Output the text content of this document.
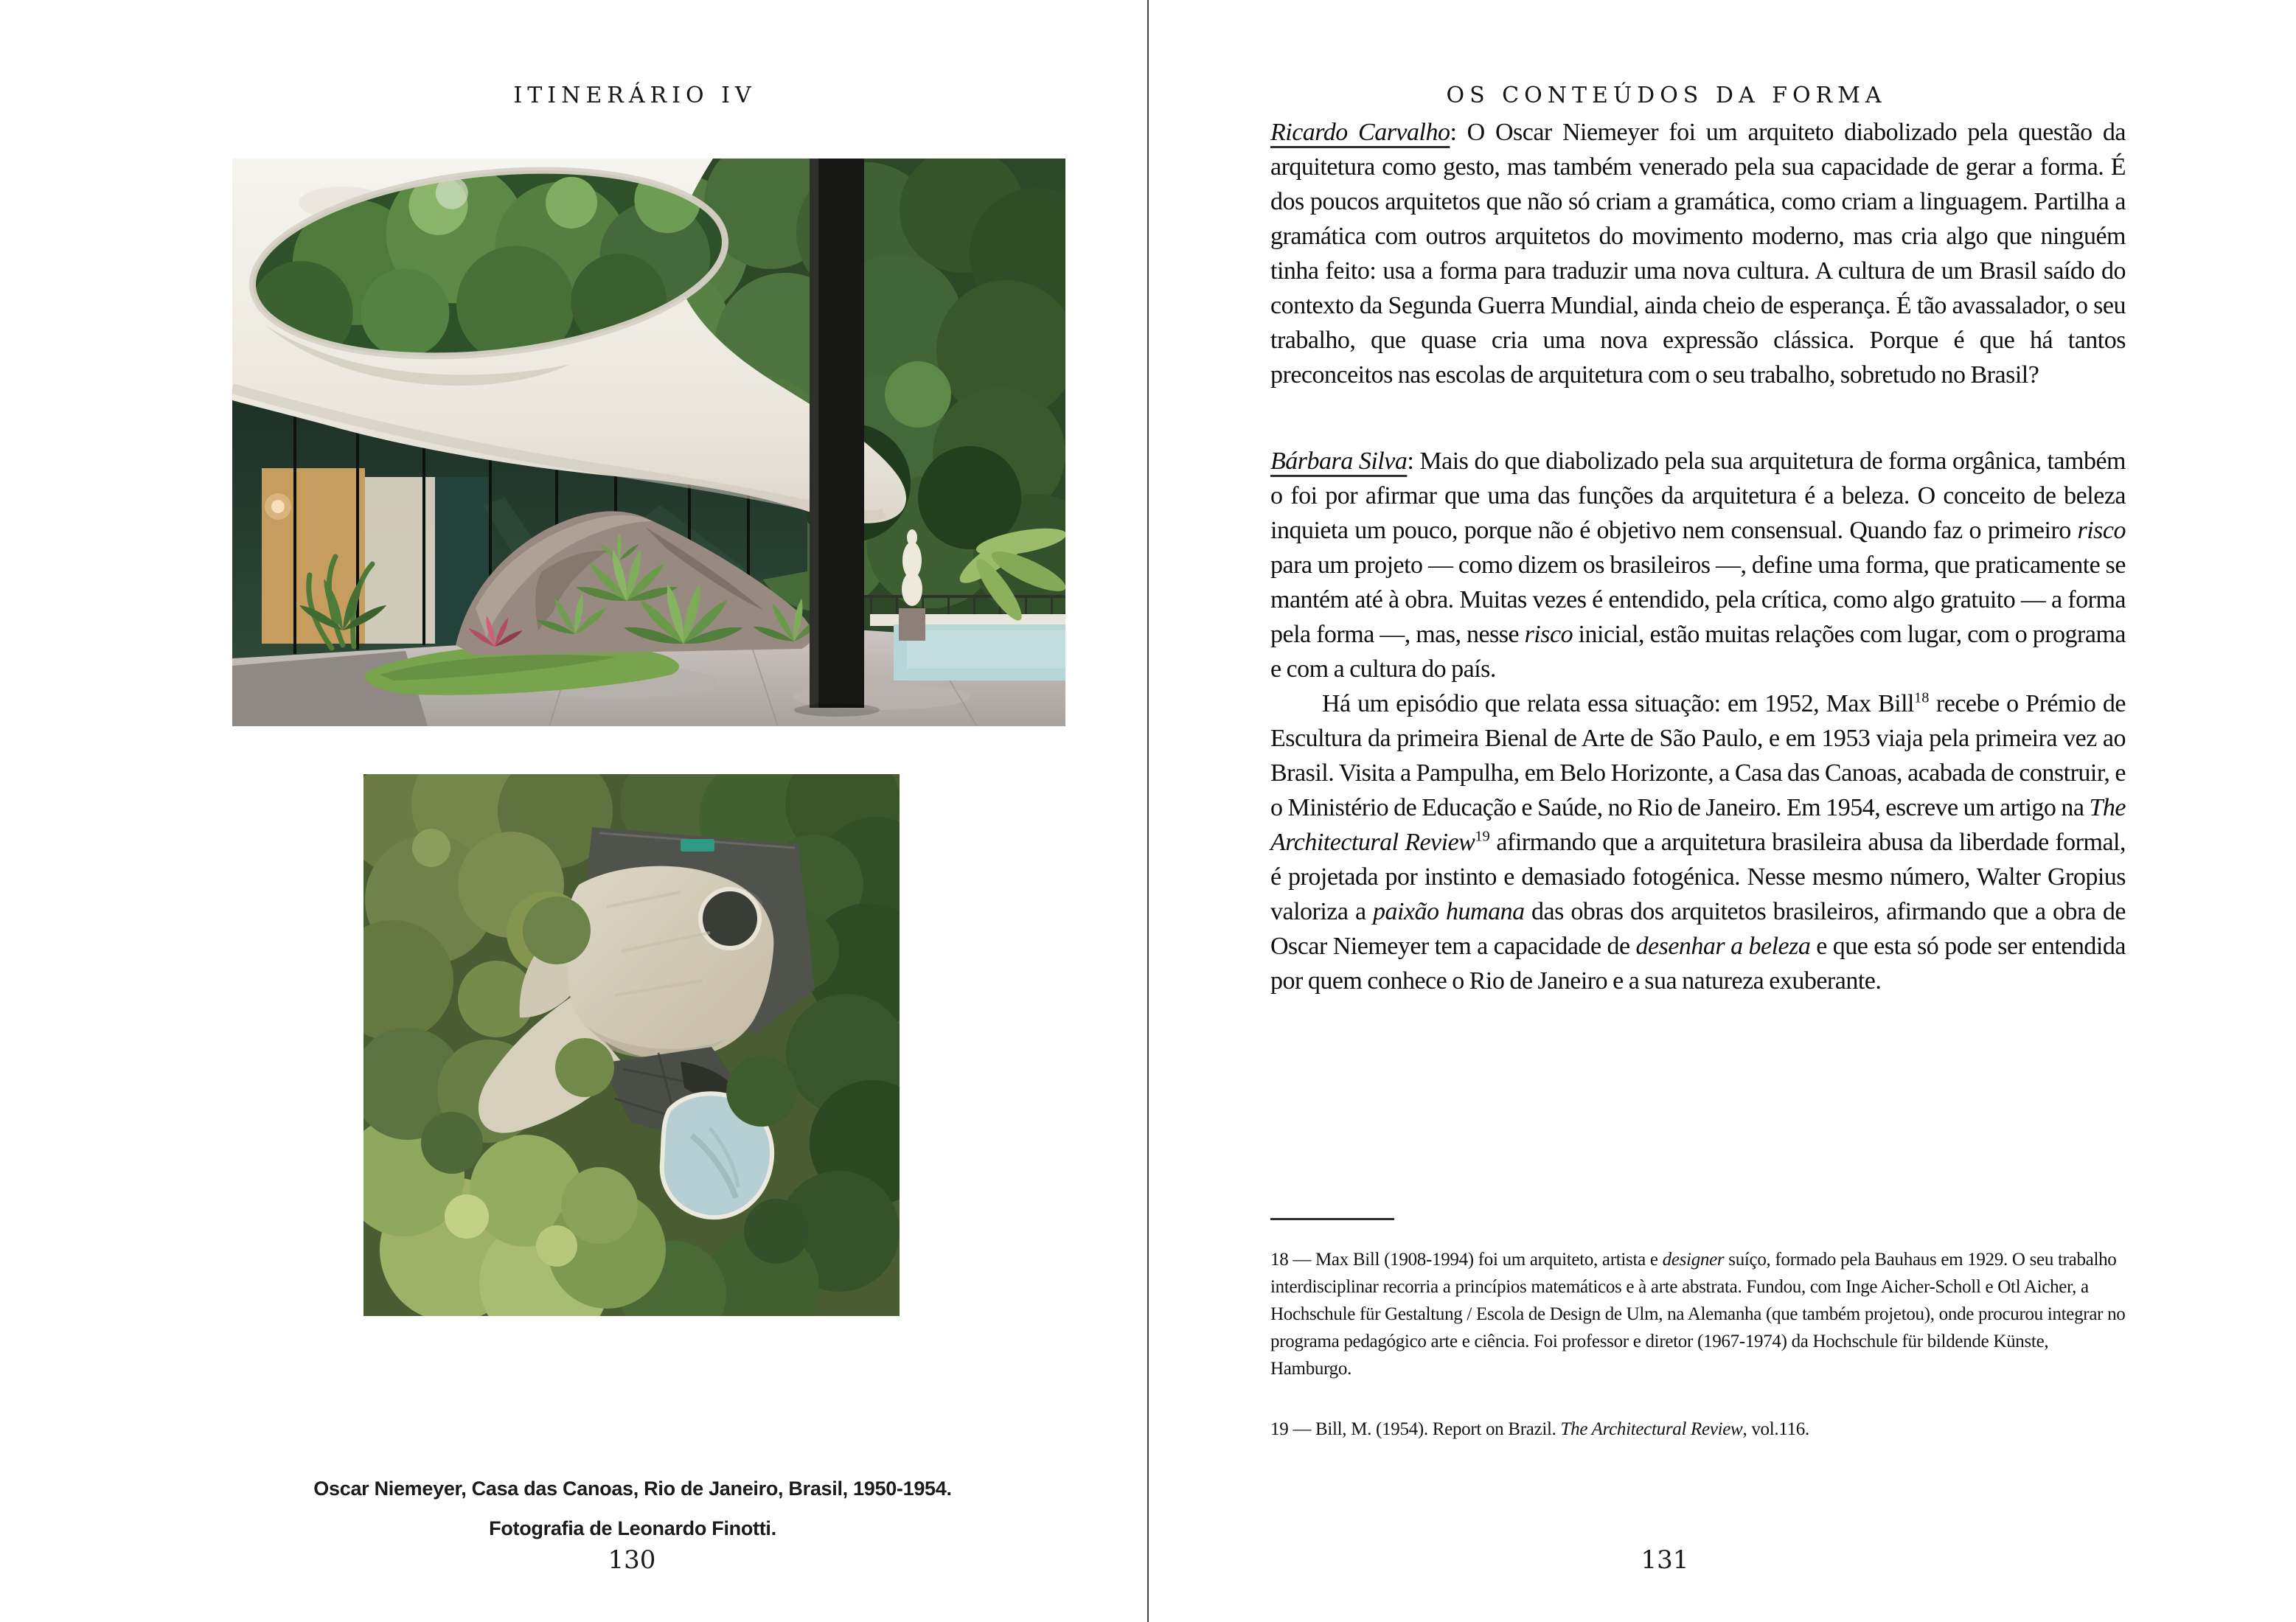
ITINERÁRIO IV
Oscar Niemeyer, Casa das Canoas, Rio de Janeiro, Brasil, 1950-1954.
Fotografia de Leonardo Finotti.
130
OS CONTEÚDOS DA FORMA

Ricardo Carvalho: O Oscar Niemeyer foi um arquiteto diabolizado pela questão da arquitetura como gesto, mas também venerado pela sua capacidade de gerar a forma. É dos poucos arquitetos que não só criam a gramática, como criam a linguagem. Partilha a gramática com outros arquitetos do movimento moderno, mas cria algo que ninguém tinha feito: usa a forma para traduzir uma nova cultura. A cultura de um Brasil saído do contexto da Segunda Guerra Mundial, ainda cheio de esperança. É tão avassalador, o seu trabalho, que quase cria uma nova expressão clássica. Porque é que há tantos preconceitos nas escolas de arquitetura com o seu trabalho, sobretudo no Brasil?

Bárbara Silva: Mais do que diabolizado pela sua arquitetura de forma orgânica, também o foi por afirmar que uma das funções da arquitetura é a beleza. O conceito de beleza inquieta um pouco, porque não é objetivo nem consensual. Quando faz o primeiro risco para um projeto — como dizem os brasileiros —, define uma forma, que praticamente se mantém até à obra. Muitas vezes é entendido, pela crítica, como algo gratuito — a forma pela forma —, mas, nesse risco inicial, estão muitas relações com lugar, com o programa e com a cultura do país.

Há um episódio que relata essa situação: em 1952, Max Bill$^{18}$ recebe o Prémio de Escultura da primeira Bienal de Arte de São Paulo, e em 1953 viaja pela primeira vez ao Brasil. Visita a Pampulha, em Belo Horizonte, a Casa das Canoas, acabada de construir, e o Ministério de Educação e Saúde, no Rio de Janeiro. Em 1954, escreve um artigo na The Architectural Review$^{19}$ afirmando que a arquitetura brasileira abusa da liberdade formal, é projetada por instinto e demasiado fotogénica. Nesse mesmo número, Walter Gropius valoriza a paixão humana das obras dos arquitetos brasileiros, afirmando que a obra de Oscar Niemeyer tem a capacidade de desenhar a beleza e que esta só pode ser entendida por quem conhece o Rio de Janeiro e a sua natureza exuberante.

18 — Max Bill (1908-1994) foi um arquiteto, artista e designer suíço, formado pela Bauhaus em 1929. O seu trabalho interdisciplinar recorria a princípios matemáticos e à arte abstrata. Fundou, com Inge Aicher-Scholl e Otl Aicher, a Hochschule für Gestaltung / Escola de Design de Ulm, na Alemanha (que também projetou), onde procurou integrar no programa pedagógico arte e ciência. Foi professor e diretor (1967-1974) da Hochschule für bildende Künste, Hamburgo.

19 — Bill, M. (1954). Report on Brazil. The Architectural Review, vol.116.

131
